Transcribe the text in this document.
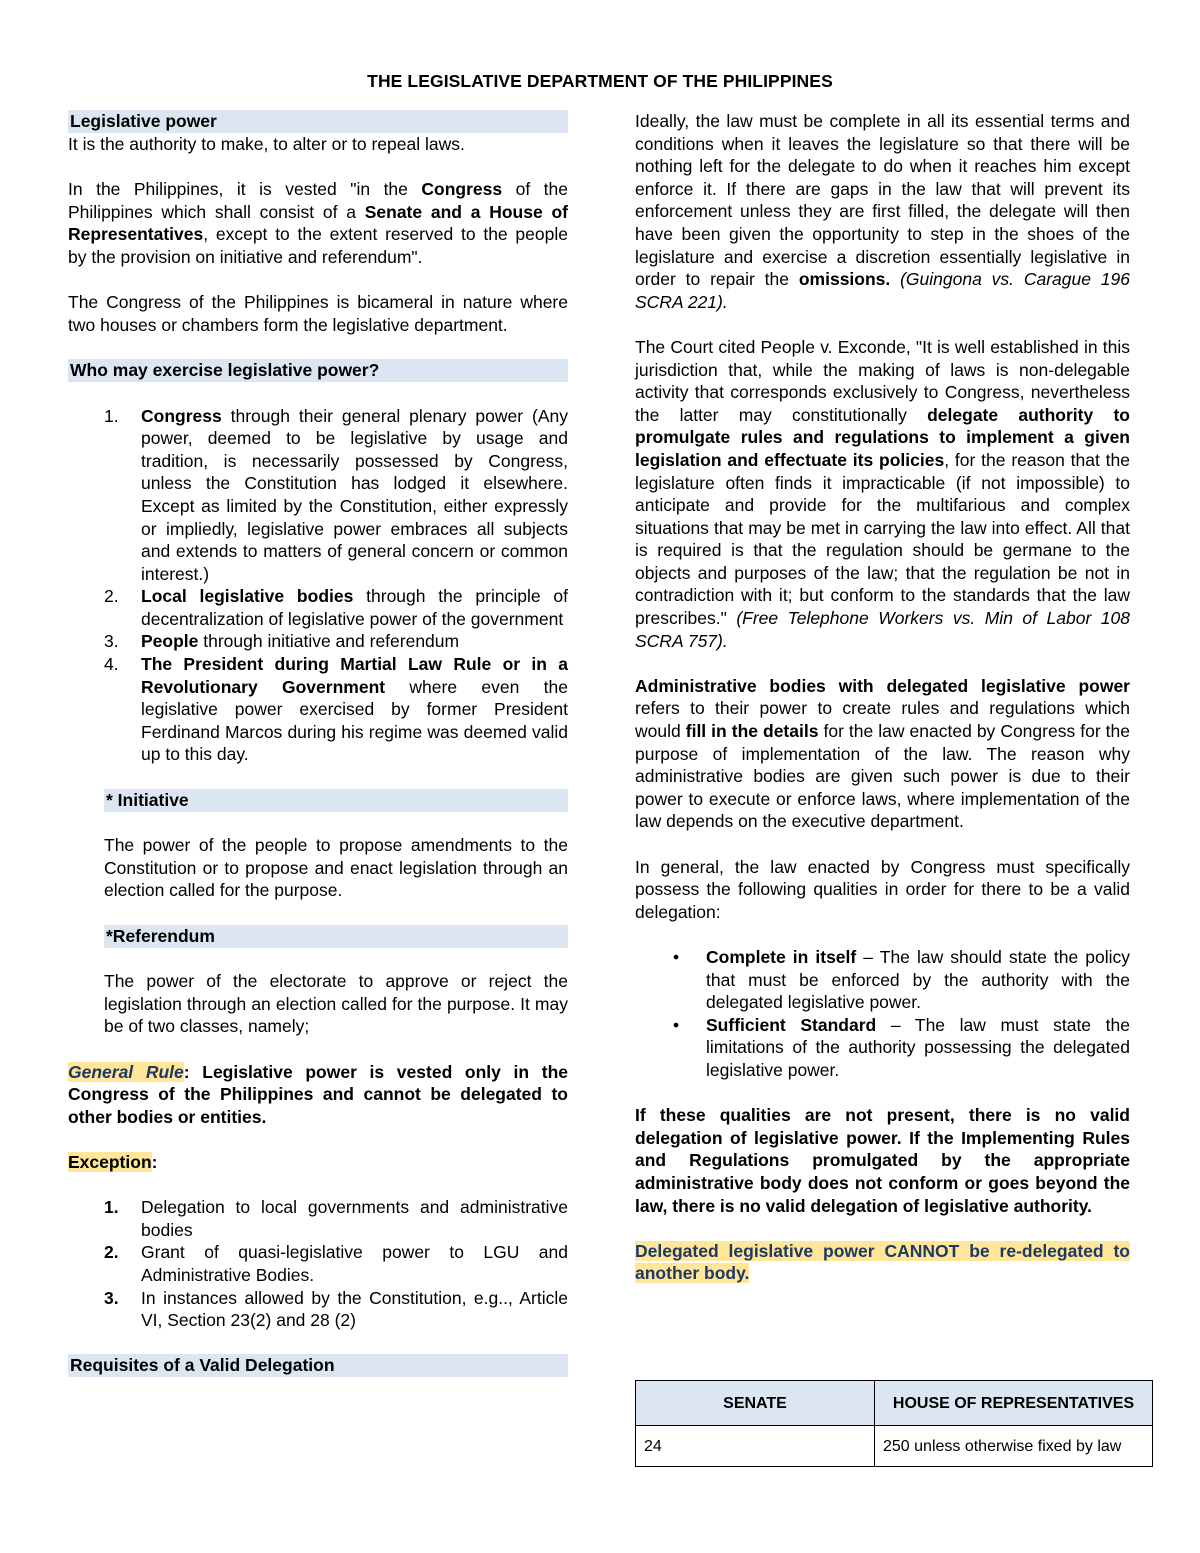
THE LEGISLATIVE DEPARTMENT OF THE PHILIPPINES
Legislative power

It is the authority to make, to alter or to repeal laws.

In the Philippines, it is vested "in the Congress of the Philippines which shall consist of a Senate and a House of Representatives, except to the extent reserved to the people by the provision on initiative and referendum".

The Congress of the Philippines is bicameral in nature where two houses or chambers form the legislative department.

Who may exercise legislative power?
1.	Congress through their general plenary power (Any power, deemed to be legislative by usage and tradition, is necessarily possessed by Congress, unless the Constitution has lodged it elsewhere. Except as limited by the Constitution, either expressly or impliedly, legislative power embraces all subjects and extends to matters of general concern or common interest.)
2.	Local legislative bodies through the principle of decentralization of legislative power of the government
3.	People through initiative and referendum
4.	The President during Martial Law Rule or in a Revolutionary Government where even the legislative power exercised by former President Ferdinand Marcos during his regime was deemed valid up to this day.
* Initiative

The power of the people to propose amendments to the Constitution or to propose and enact legislation through an election called for the purpose.

*Referendum

The power of the electorate to approve or reject the legislation through an election called for the purpose. It may be of two classes, namely;

General Rule: Legislative power is vested only in the Congress of the Philippines and cannot be delegated to other bodies or entities.

Exception:

1.	Delegation to local governments and administrative bodies
2.	Grant of quasi-legislative power to LGU and Administrative Bodies.
3.	In instances allowed by the Constitution, e.g.., Article VI, Section 23(2) and 28 (2)
Requisites of a Valid Delegation

Ideally, the law must be complete in all its essential terms and conditions when it leaves the legislature so that there will be nothing left for the delegate to do when it reaches him except enforce it. If there are gaps in the law that will prevent its enforcement unless they are first filled, the delegate will then have been given the opportunity to step in the shoes of the legislature and exercise a discretion essentially legislative in order to repair the omissions. (Guingona vs. Carague 196 SCRA 221).

The Court cited People v. Exconde, "It is well established in this jurisdiction that, while the making of laws is non-delegable activity that corresponds exclusively to Congress, nevertheless the latter may constitutionally delegate authority to promulgate rules and regulations to implement a given legislation and effectuate its policies, for the reason that the legislature often finds it impracticable (if not impossible) to anticipate and provide for the multifarious and complex situations that may be met in carrying the law into effect. All that is required is that the regulation should be germane to the objects and purposes of the law; that the regulation be not in contradiction with it; but conform to the standards that the law prescribes." (Free Telephone Workers vs. Min of Labor 108 SCRA 757).

Administrative bodies with delegated legislative power refers to their power to create rules and regulations which would fill in the details for the law enacted by Congress for the purpose of implementation of the law. The reason why administrative bodies are given such power is due to their power to execute or enforce laws, where implementation of the law depends on the executive department.

In general, the law enacted by Congress must specifically possess the following qualities in order for there to be a valid delegation:

• Complete in itself – The law should state the policy that must be enforced by the authority with the delegated legislative power.
• Sufficient Standard – The law must state the limitations of the authority possessing the delegated legislative power.

If these qualities are not present, there is no valid delegation of legislative power. If the Implementing Rules and Regulations promulgated by the appropriate administrative body does not conform or goes beyond the law, there is no valid delegation of legislative authority.

Delegated legislative power CANNOT be re-delegated to another body.

SENATE	HOUSE OF REPRESENTATIVES
24	250 unless otherwise fixed by law
